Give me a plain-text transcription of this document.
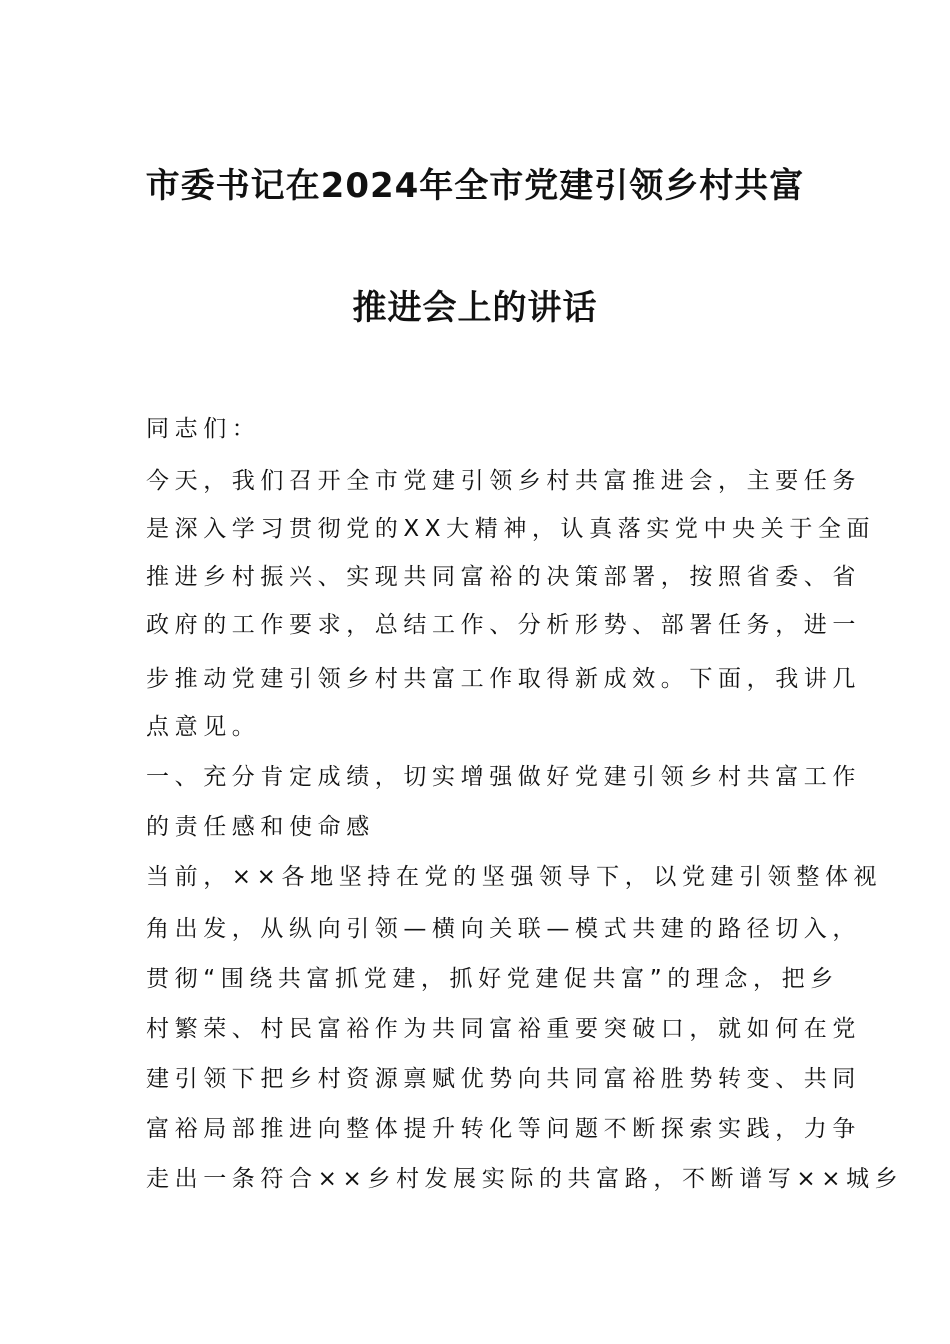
市委书记在2024年全市党建引领乡村共富
推进会上的讲话
同志们：
今天，我们召开全市党建引领乡村共富推进会，主要任务
是深入学习贯彻党的XX大精神，认真落实党中央关于全面
推进乡村振兴、实现共同富裕的决策部署，按照省委、省
政府的工作要求，总结工作、分析形势、部署任务，进一
步推动党建引领乡村共富工作取得新成效。下面，我讲几
点意见。
一、充分肯定成绩，切实增强做好党建引领乡村共富工作
的责任感和使命感
当前，××各地坚持在党的坚强领导下，以党建引领整体视
角出发，从纵向引领—横向关联—模式共建的路径切入，
贯彻“围绕共富抓党建，抓好党建促共富”的理念，把乡
村繁荣、村民富裕作为共同富裕重要突破口，就如何在党
建引领下把乡村资源禀赋优势向共同富裕胜势转变、共同
富裕局部推进向整体提升转化等问题不断探索实践，力争
走出一条符合××乡村发展实际的共富路，不断谱写××城乡
